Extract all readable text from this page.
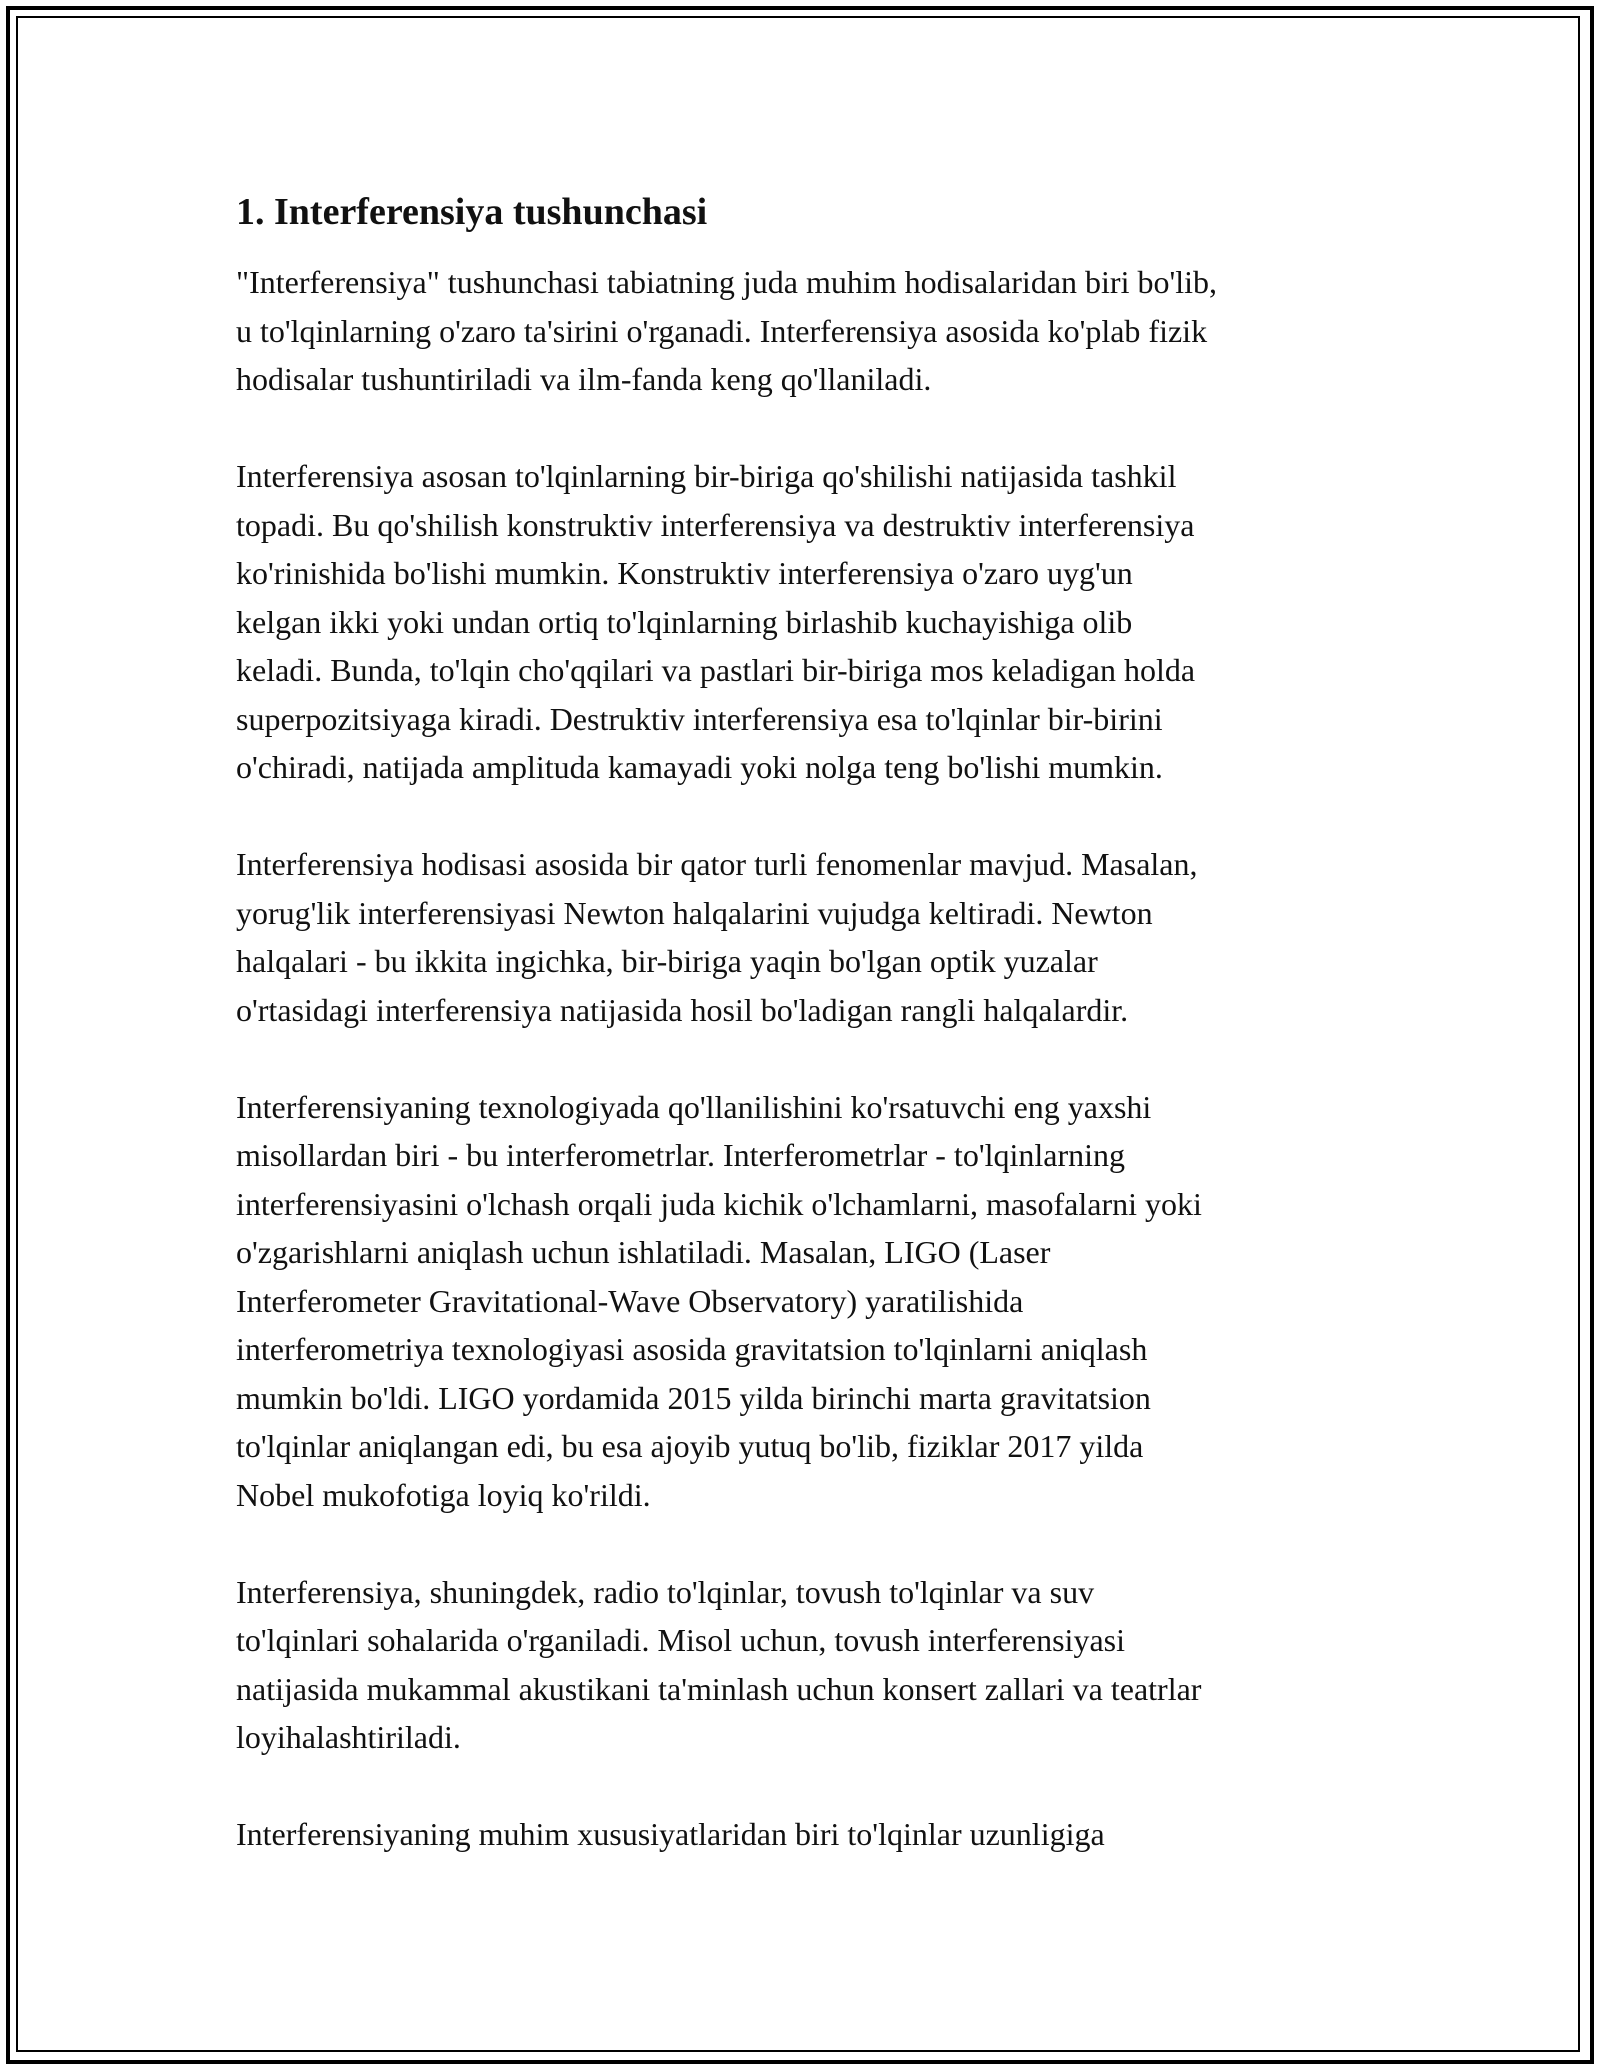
1. Interferensiya tushunchasi

"Interferensiya" tushunchasi tabiatning juda muhim hodisalaridan biri bo'lib,
u to'lqinlarning o'zaro ta'sirini o'rganadi. Interferensiya asosida ko'plab fizik
hodisalar tushuntiriladi va ilm-fanda keng qo'llaniladi.

Interferensiya asosan to'lqinlarning bir-biriga qo'shilishi natijasida tashkil
topadi. Bu qo'shilish konstruktiv interferensiya va destruktiv interferensiya
ko'rinishida bo'lishi mumkin. Konstruktiv interferensiya o'zaro uyg'un
kelgan ikki yoki undan ortiq to'lqinlarning birlashib kuchayishiga olib
keladi. Bunda, to'lqin cho'qqilari va pastlari bir-biriga mos keladigan holda
superpozitsiyaga kiradi. Destruktiv interferensiya esa to'lqinlar bir-birini
o'chiradi, natijada amplituda kamayadi yoki nolga teng bo'lishi mumkin.

Interferensiya hodisasi asosida bir qator turli fenomenlar mavjud. Masalan,
yorug'lik interferensiyasi Newton halqalarini vujudga keltiradi. Newton
halqalari - bu ikkita ingichka, bir-biriga yaqin bo'lgan optik yuzalar
o'rtasidagi interferensiya natijasida hosil bo'ladigan rangli halqalardir.

Interferensiyaning texnologiyada qo'llanilishini ko'rsatuvchi eng yaxshi
misollardan biri - bu interferometrlar. Interferometrlar - to'lqinlarning
interferensiyasini o'lchash orqali juda kichik o'lchamlarni, masofalarni yoki
o'zgarishlarni aniqlash uchun ishlatiladi. Masalan, LIGO (Laser
Interferometer Gravitational-Wave Observatory) yaratilishida
interferometriya texnologiyasi asosida gravitatsion to'lqinlarni aniqlash
mumkin bo'ldi. LIGO yordamida 2015 yilda birinchi marta gravitatsion
to'lqinlar aniqlangan edi, bu esa ajoyib yutuq bo'lib, fiziklar 2017 yilda
Nobel mukofotiga loyiq ko'rildi.

Interferensiya, shuningdek, radio to'lqinlar, tovush to'lqinlar va suv
to'lqinlari sohalarida o'rganiladi. Misol uchun, tovush interferensiyasi
natijasida mukammal akustikani ta'minlash uchun konsert zallari va teatrlar
loyihalashtiriladi.

Interferensiyaning muhim xususiyatlaridan biri to'lqinlar uzunligiga
